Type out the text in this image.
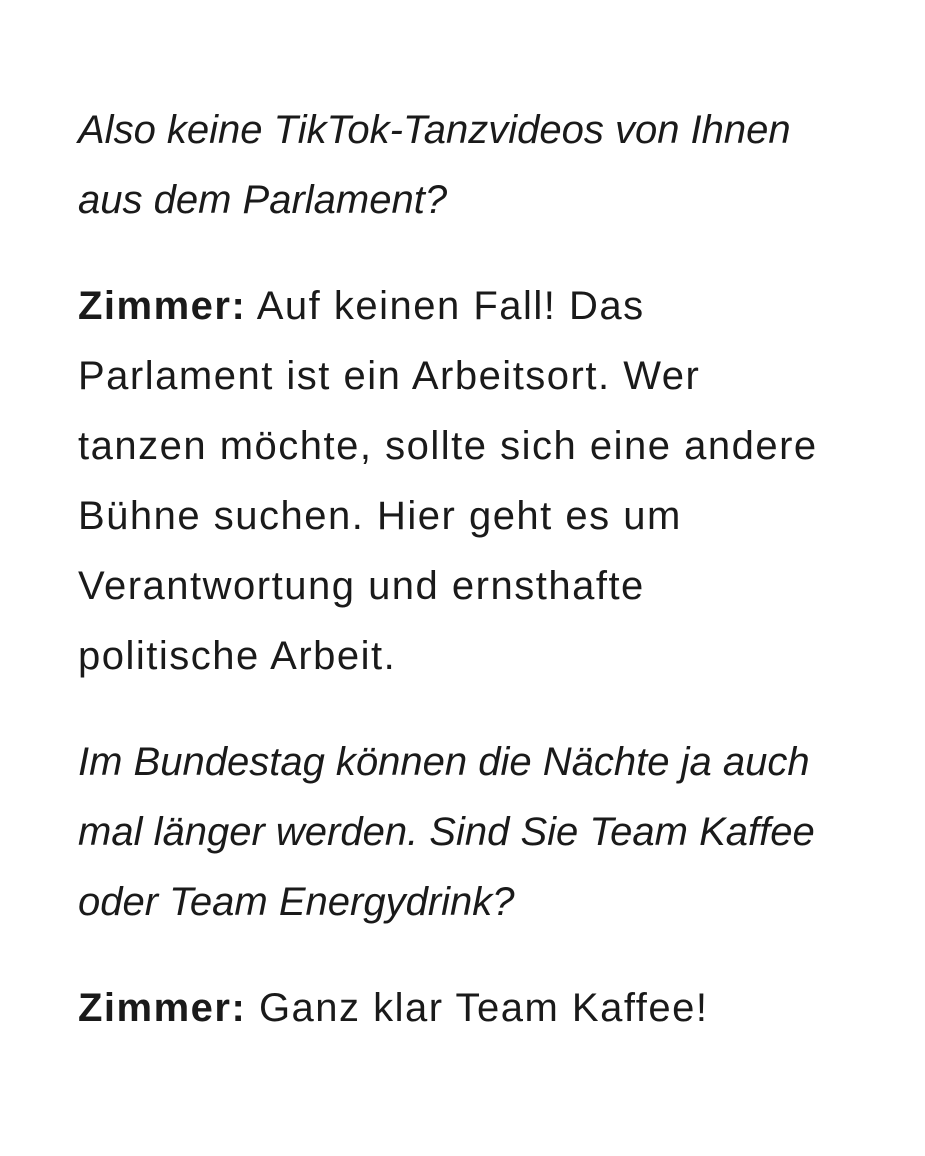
Also keine TikTok-Tanzvideos von Ihnen aus dem Parlament?

Zimmer: Auf keinen Fall! Das Parlament ist ein Arbeitsort. Wer tanzen möchte, sollte sich eine andere Bühne suchen. Hier geht es um Verantwortung und ernsthafte politische Arbeit.

Im Bundestag können die Nächte ja auch mal länger werden. Sind Sie Team Kaffee oder Team Energydrink?

Zimmer: Ganz klar Team Kaffee!
